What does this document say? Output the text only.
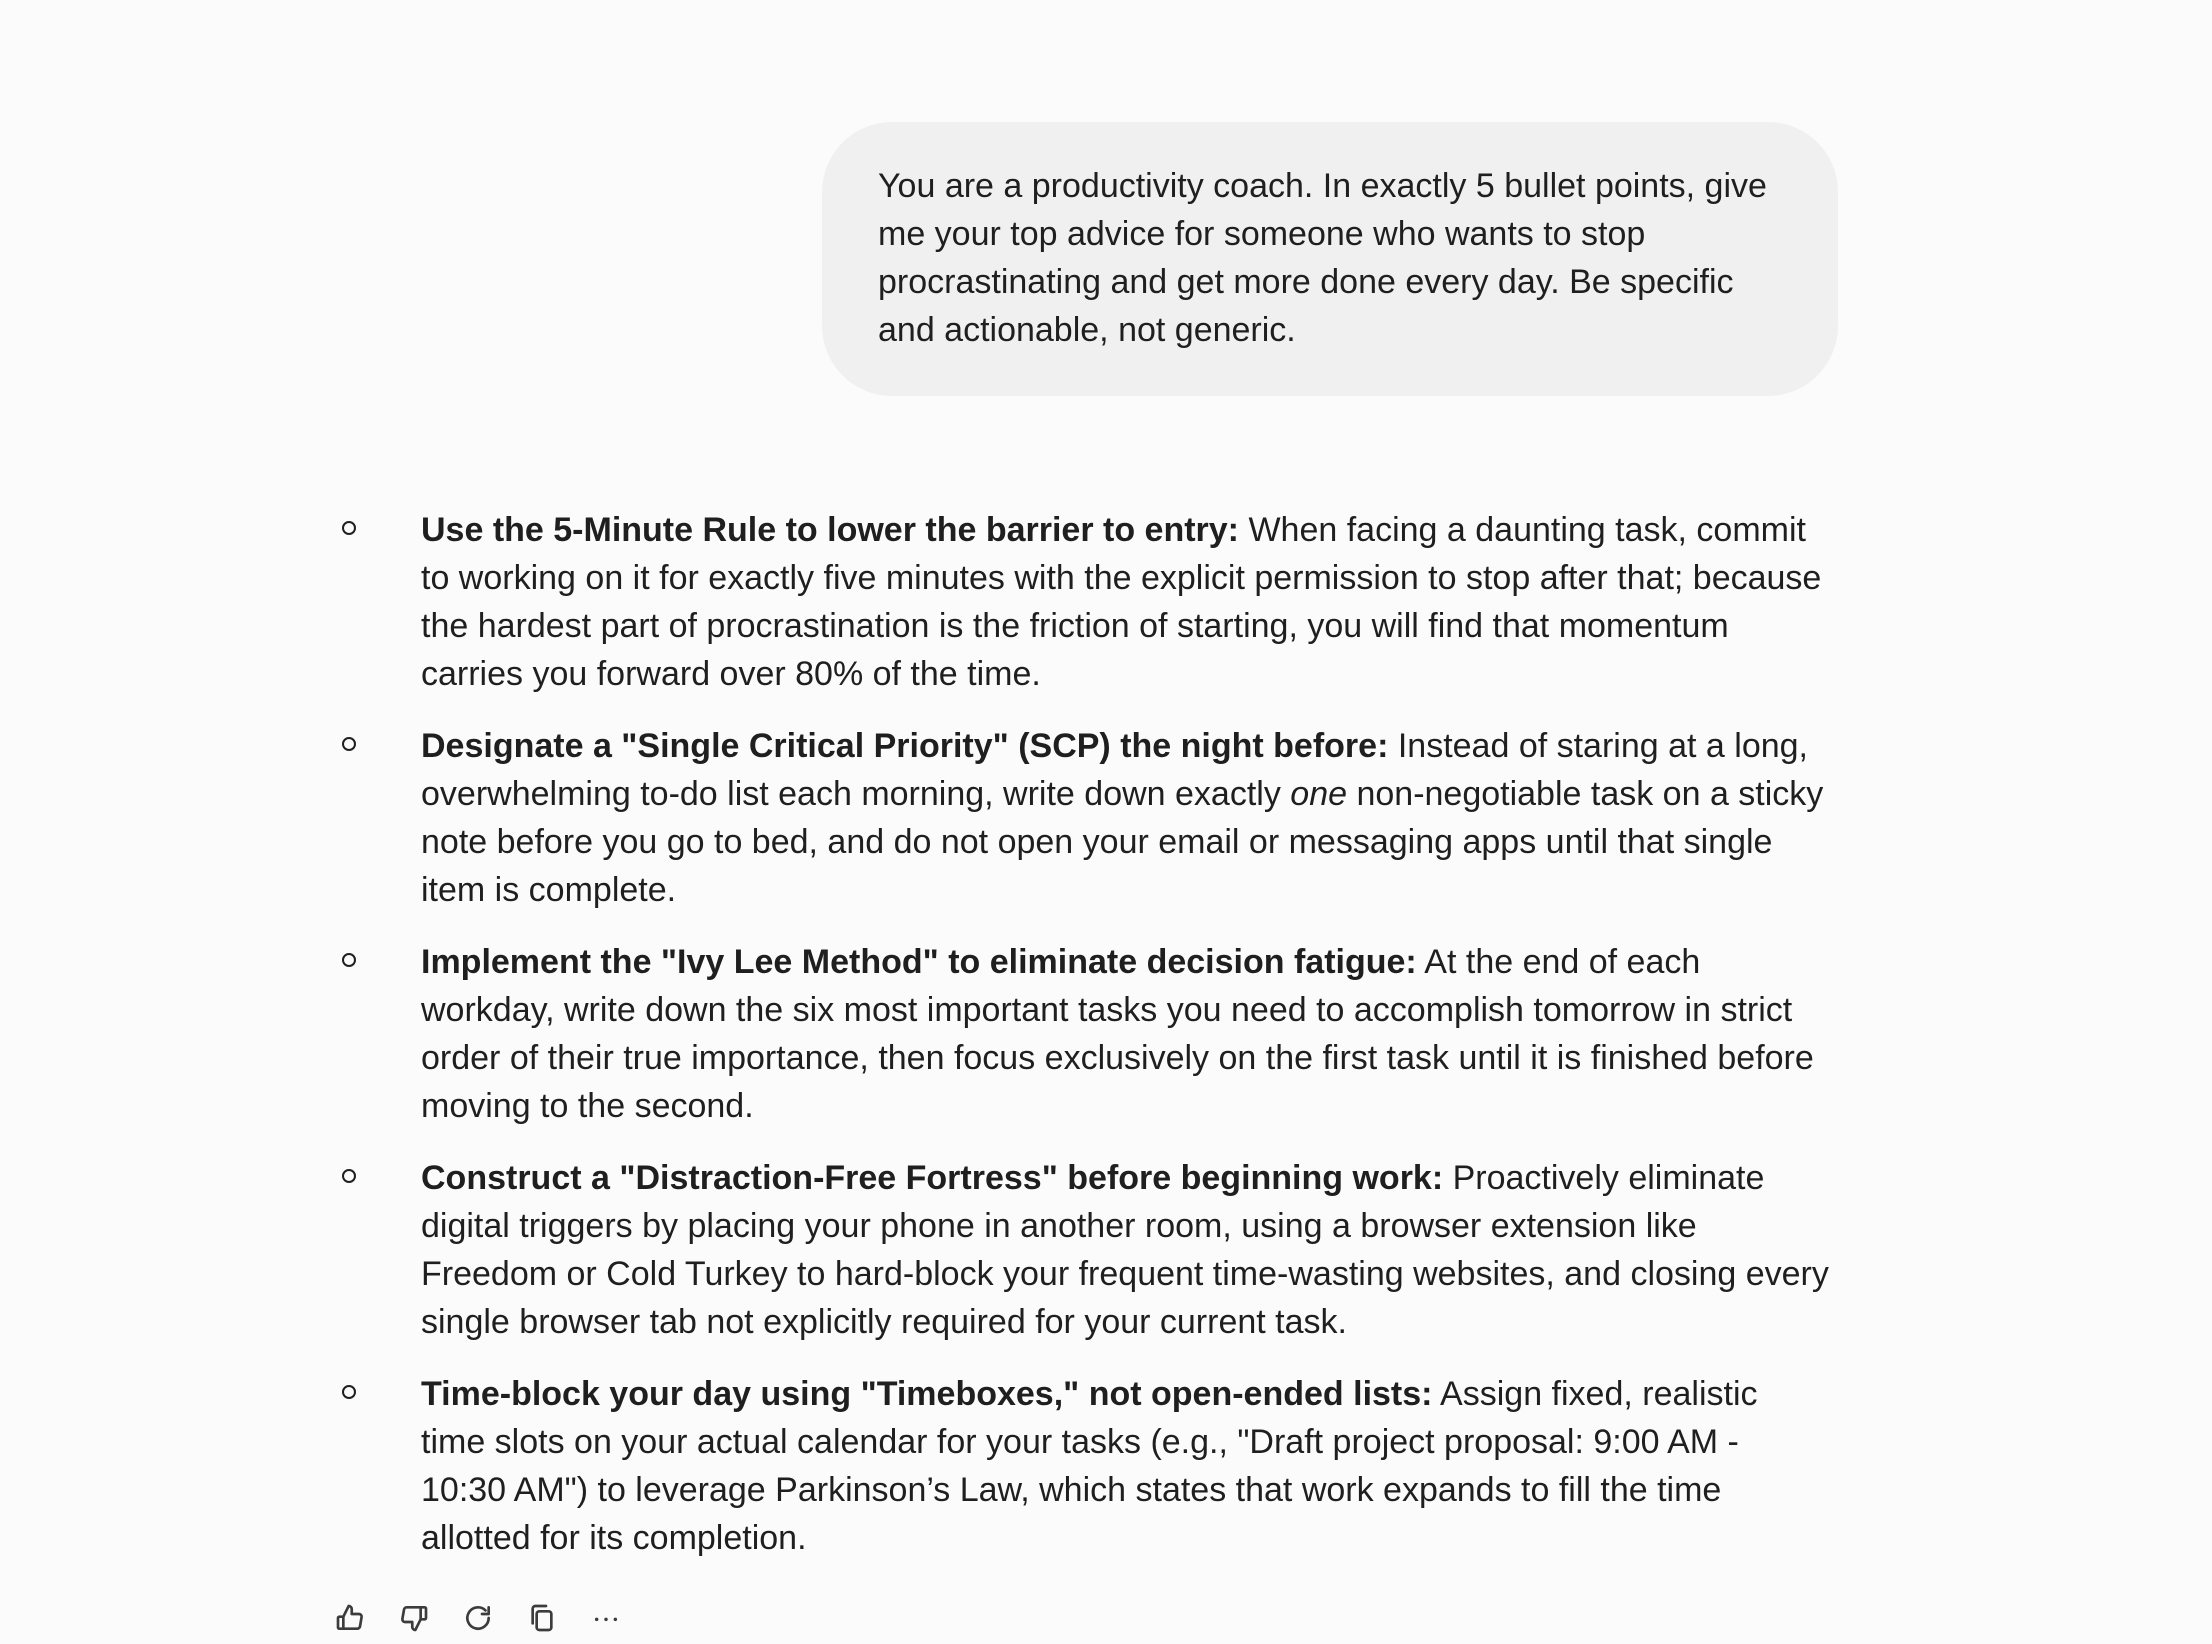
You are a productivity coach. In exactly 5 bullet points, give me your top advice for someone who wants to stop procrastinating and get more done every day. Be specific and actionable, not generic.
Use the 5-Minute Rule to lower the barrier to entry: When facing a daunting task, commit to working on it for exactly five minutes with the explicit permission to stop after that; because the hardest part of procrastination is the friction of starting, you will find that momentum carries you forward over 80% of the time.
Designate a "Single Critical Priority" (SCP) the night before: Instead of staring at a long, overwhelming to-do list each morning, write down exactly one non-negotiable task on a sticky note before you go to bed, and do not open your email or messaging apps until that single item is complete.
Implement the "Ivy Lee Method" to eliminate decision fatigue: At the end of each workday, write down the six most important tasks you need to accomplish tomorrow in strict order of their true importance, then focus exclusively on the first task until it is finished before moving to the second.
Construct a "Distraction-Free Fortress" before beginning work: Proactively eliminate digital triggers by placing your phone in another room, using a browser extension like Freedom or Cold Turkey to hard-block your frequent time-wasting websites, and closing every single browser tab not explicitly required for your current task.
Time-block your day using "Timeboxes," not open-ended lists: Assign fixed, realistic time slots on your actual calendar for your tasks (e.g., "Draft project proposal: 9:00 AM - 10:30 AM") to leverage Parkinson’s Law, which states that work expands to fill the time allotted for its completion.
